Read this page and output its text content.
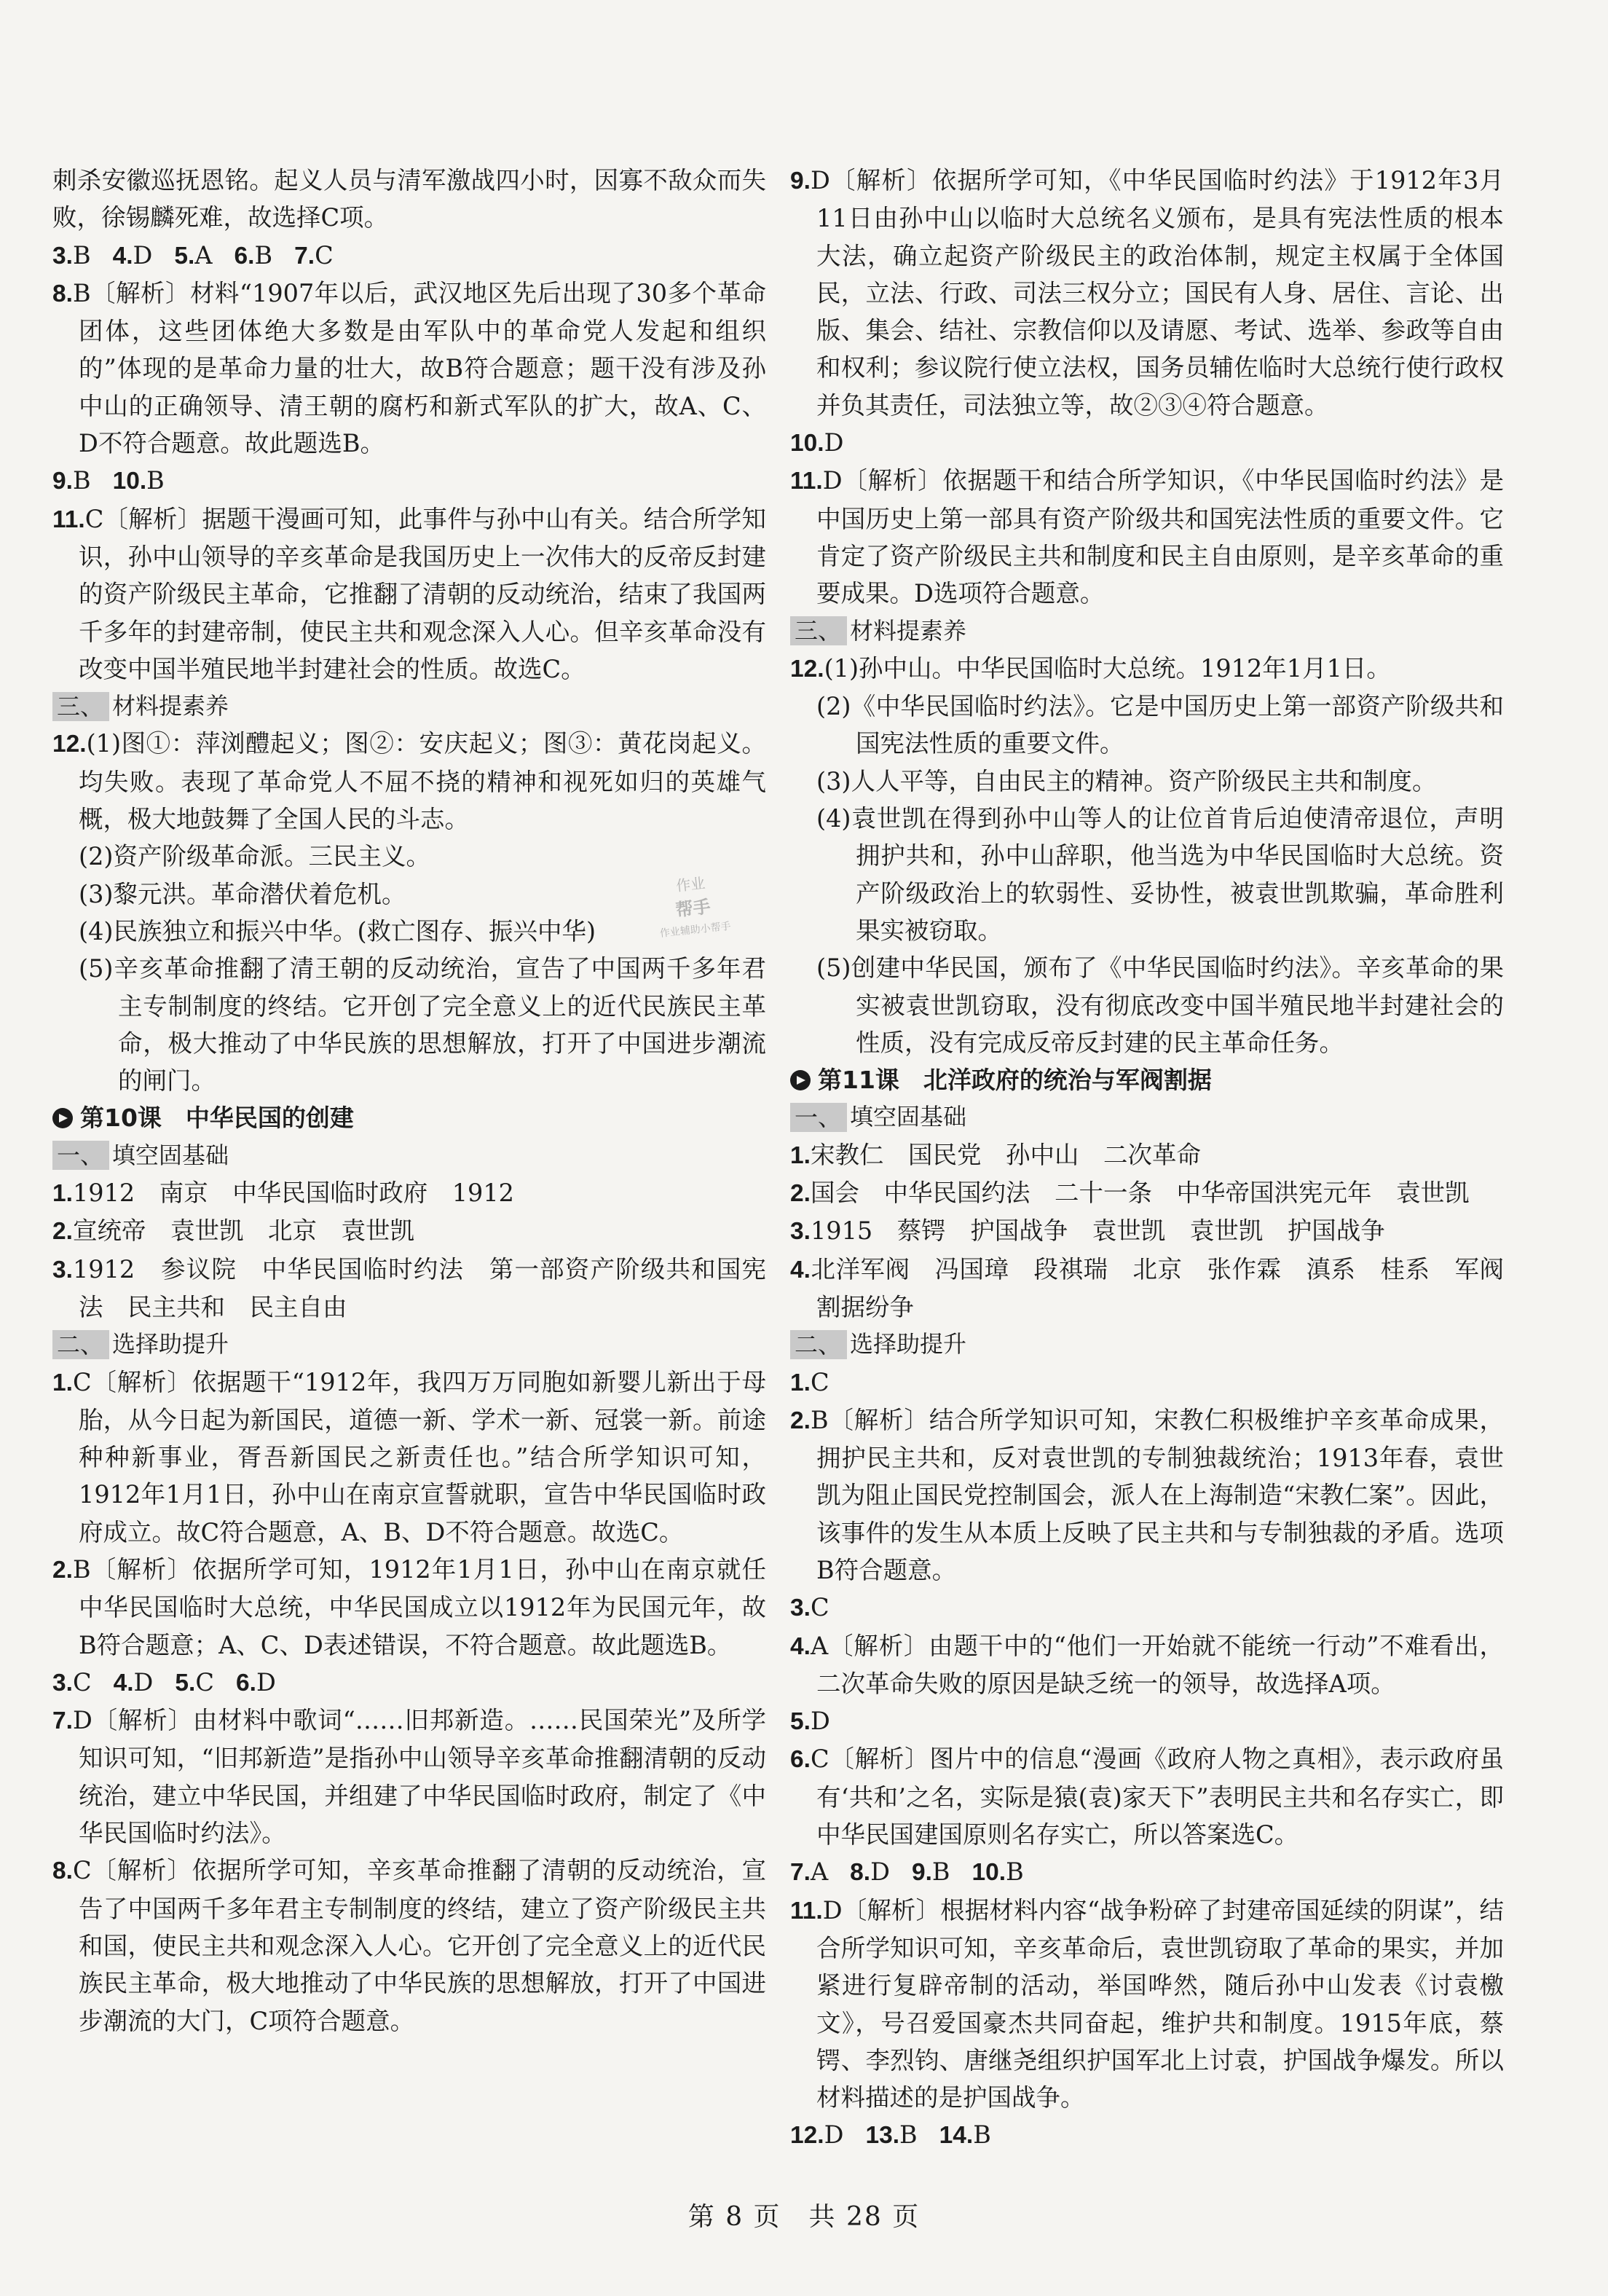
刺杀安徽巡抚恩铭。起义人员与清军激战四小时，因寡不敌众而失败，徐锡麟死难，故选择C项。

3.B 4.D 5.A 6.B 7.C

8.B〔解析〕材料“1907年以后，武汉地区先后出现了30多个革命团体，这些团体绝大多数是由军队中的革命党人发起和组织的”体现的是革命力量的壮大，故B符合题意；题干没有涉及孙中山的正确领导、清王朝的腐朽和新式军队的扩大，故A、C、D不符合题意。故此题选B。

9.B 10.B

11.C〔解析〕据题干漫画可知，此事件与孙中山有关。结合所学知识，孙中山领导的辛亥革命是我国历史上一次伟大的反帝反封建的资产阶级民主革命，它推翻了清朝的反动统治，结束了我国两千多年的封建帝制，使民主共和观念深入人心。但辛亥革命没有改变中国半殖民地半封建社会的性质。故选C。

三、 材料提素养

12.(1)图①：萍浏醴起义；图②：安庆起义；图③：黄花岗起义。均失败。表现了革命党人不屈不挠的精神和视死如归的英雄气概，极大地鼓舞了全国人民的斗志。

(2)资产阶级革命派。三民主义。

(3)黎元洪。革命潜伏着危机。

(4)民族独立和振兴中华。(救亡图存、振兴中华)

(5)辛亥革命推翻了清王朝的反动统治，宣告了中国两千多年君主专制制度的终结。它开创了完全意义上的近代民族民主革命，极大推动了中华民族的思想解放，打开了中国进步潮流的闸门。

第10课　中华民国的创建
一、 填空固基础

1.1912　南京　中华民国临时政府　1912

2.宣统帝　袁世凯　北京　袁世凯

3.1912　参议院　中华民国临时约法　第一部资产阶级共和国宪法　民主共和　民主自由

二、 选择助提升

1.C〔解析〕依据题干“1912年，我四万万同胞如新婴儿新出于母胎，从今日起为新国民，道德一新、学术一新、冠裳一新。前途种种新事业，胥吾新国民之新责任也。”结合所学知识可知，1912年1月1日，孙中山在南京宣誓就职，宣告中华民国临时政府成立。故C符合题意，A、B、D不符合题意。故选C。

2.B〔解析〕依据所学可知，1912年1月1日，孙中山在南京就任中华民国临时大总统，中华民国成立以1912年为民国元年，故B符合题意；A、C、D表述错误，不符合题意。故此题选B。

3.C 4.D 5.C 6.D

7.D〔解析〕由材料中歌词“……旧邦新造。……民国荣光”及所学知识可知，“旧邦新造”是指孙中山领导辛亥革命推翻清朝的反动统治，建立中华民国，并组建了中华民国临时政府，制定了《中华民国临时约法》。

8.C〔解析〕依据所学可知，辛亥革命推翻了清朝的反动统治，宣告了中国两千多年君主专制制度的终结，建立了资产阶级民主共和国，使民主共和观念深入人心。它开创了完全意义上的近代民族民主革命，极大地推动了中华民族的思想解放，打开了中国进步潮流的大门，C项符合题意。

9.D〔解析〕依据所学可知，《中华民国临时约法》于1912年3月11日由孙中山以临时大总统名义颁布，是具有宪法性质的根本大法，确立起资产阶级民主的政治体制，规定主权属于全体国民，立法、行政、司法三权分立；国民有人身、居住、言论、出版、集会、结社、宗教信仰以及请愿、考试、选举、参政等自由和权利；参议院行使立法权，国务员辅佐临时大总统行使行政权并负其责任，司法独立等，故②③④符合题意。

10.D

11.D〔解析〕依据题干和结合所学知识，《中华民国临时约法》是中国历史上第一部具有资产阶级共和国宪法性质的重要文件。它肯定了资产阶级民主共和制度和民主自由原则，是辛亥革命的重要成果。D选项符合题意。

三、 材料提素养

12.(1)孙中山。中华民国临时大总统。1912年1月1日。

(2)《中华民国临时约法》。它是中国历史上第一部资产阶级共和国宪法性质的重要文件。

(3)人人平等，自由民主的精神。资产阶级民主共和制度。

(4)袁世凯在得到孙中山等人的让位首肯后迫使清帝退位，声明拥护共和，孙中山辞职，他当选为中华民国临时大总统。资产阶级政治上的软弱性、妥协性，被袁世凯欺骗，革命胜利果实被窃取。

(5)创建中华民国，颁布了《中华民国临时约法》。辛亥革命的果实被袁世凯窃取，没有彻底改变中国半殖民地半封建社会的性质，没有完成反帝反封建的民主革命任务。

第11课　北洋政府的统治与军阀割据
一、 填空固基础

1.宋教仁　国民党　孙中山　二次革命

2.国会　中华民国约法　二十一条　中华帝国洪宪元年　袁世凯

3.1915　蔡锷　护国战争　袁世凯　袁世凯　护国战争

4.北洋军阀　冯国璋　段祺瑞　北京　张作霖　滇系　桂系　军阀割据纷争

二、 选择助提升

1.C

2.B〔解析〕结合所学知识可知，宋教仁积极维护辛亥革命成果，拥护民主共和，反对袁世凯的专制独裁统治；1913年春，袁世凯为阻止国民党控制国会，派人在上海制造“宋教仁案”。因此，该事件的发生从本质上反映了民主共和与专制独裁的矛盾。选项B符合题意。

3.C

4.A〔解析〕由题干中的“他们一开始就不能统一行动”不难看出，二次革命失败的原因是缺乏统一的领导，故选择A项。

5.D

6.C〔解析〕图片中的信息“漫画《政府人物之真相》，表示政府虽有‘共和’之名，实际是猿(袁)家天下”表明民主共和名存实亡，即中华民国建国原则名存实亡，所以答案选C。

7.A 8.D 9.B 10.B

11.D〔解析〕根据材料内容“战争粉碎了封建帝国延续的阴谋”，结合所学知识可知，辛亥革命后，袁世凯窃取了革命的果实，并加紧进行复辟帝制的活动，举国哗然，随后孙中山发表《讨袁檄文》，号召爱国豪杰共同奋起，维护共和制度。1915年底，蔡锷、李烈钧、唐继尧组织护国军北上讨袁，护国战争爆发。所以材料描述的是护国战争。

12.D 13.B 14.B

作业
帮手
作业辅助小帮手
第 8 页　共 28 页
